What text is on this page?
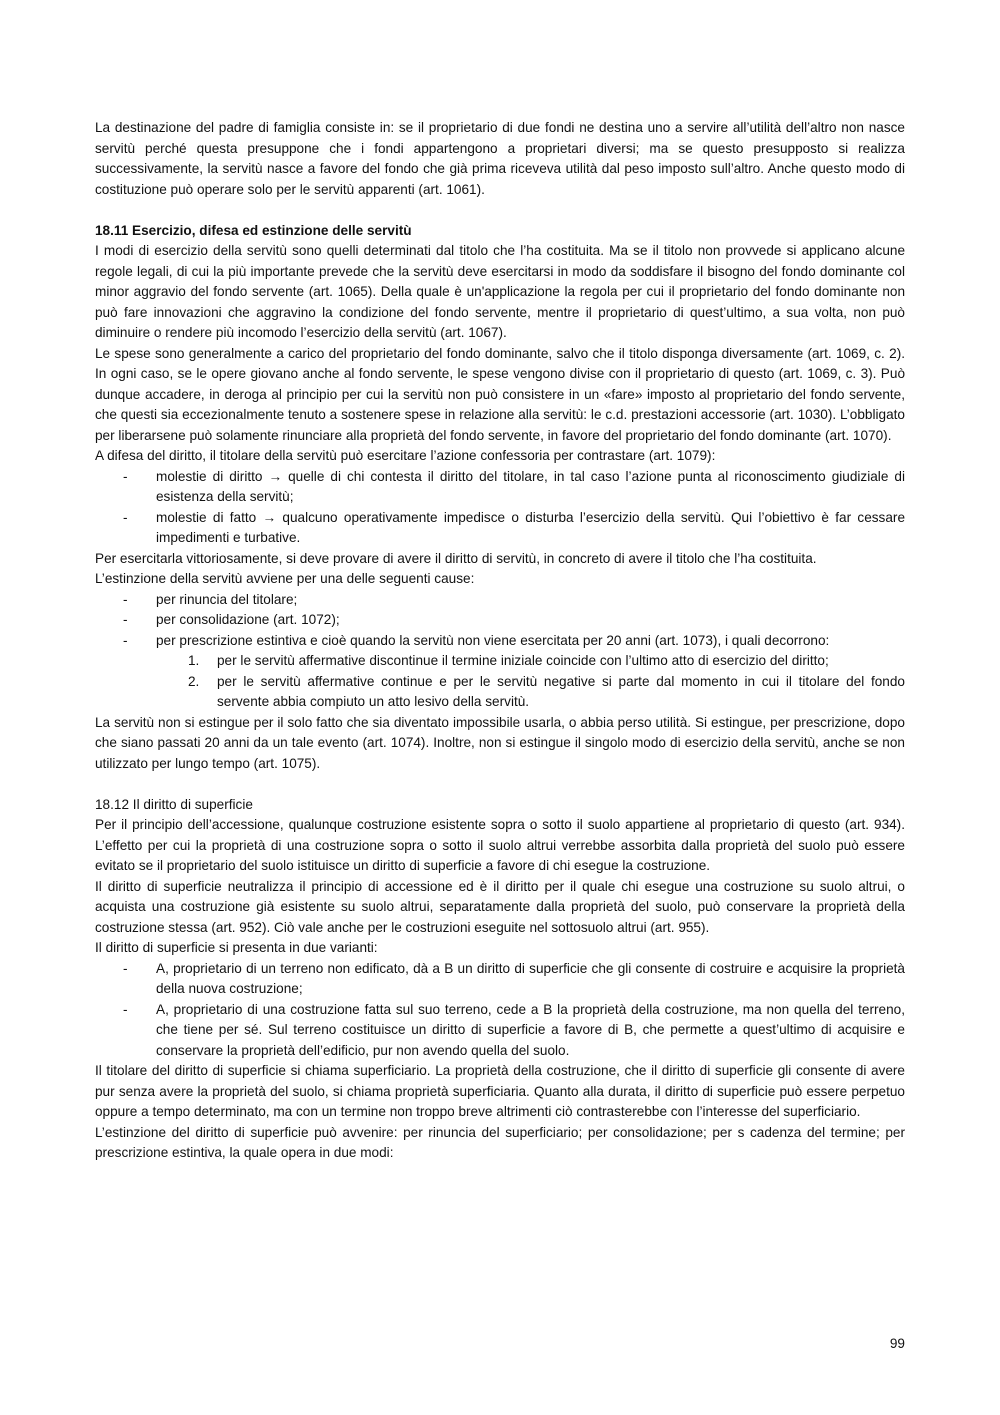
La destinazione del padre di famiglia consiste in: se il proprietario di due fondi ne destina uno a servire all’utilità dell’altro non nasce servitù perché questa presuppone che i fondi appartengono a proprietari diversi; ma se questo presupposto si realizza successivamente, la servitù nasce a favore del fondo che già prima riceveva utilità dal peso imposto sull’altro. Anche questo modo di costituzione può operare solo per le servitù apparenti (art. 1061).

18.11 Esercizio, difesa ed estinzione delle servitù

I modi di esercizio della servitù sono quelli determinati dal titolo che l’ha costituita. Ma se il titolo non provvede si applicano alcune regole legali, di cui la più importante prevede che la servitù deve esercitarsi in modo da soddisfare il bisogno del fondo dominante col minor aggravio del fondo servente (art. 1065). Della quale è un'applicazione la regola per cui il proprietario del fondo dominante non può fare innovazioni che aggravino la condizione del fondo servente, mentre il proprietario di quest’ultimo, a sua volta, non può diminuire o rendere più incomodo l’esercizio della servitù (art. 1067).

Le spese sono generalmente a carico del proprietario del fondo dominante, salvo che il titolo disponga diversamente (art. 1069, c. 2). In ogni caso, se le opere giovano anche al fondo servente, le spese vengono divise con il proprietario di questo (art. 1069, c. 3). Può dunque accadere, in deroga al principio per cui la servitù non può consistere in un «fare» imposto al proprietario del fondo servente, che questi sia eccezionalmente tenuto a sostenere spese in relazione alla servitù: le c.d. prestazioni accessorie (art. 1030). L’obbligato per liberarsene può solamente rinunciare alla proprietà del fondo servente, in favore del proprietario del fondo dominante (art. 1070).

A difesa del diritto, il titolare della servitù può esercitare l’azione confessoria per contrastare (art. 1079):

- molestie di diritto → quelle di chi contesta il diritto del titolare, in tal caso l’azione punta al riconoscimento giudiziale di esistenza della servitù;
- molestie di fatto → qualcuno operativamente impedisce o disturba l’esercizio della servitù. Qui l’obiettivo è far cessare impedimenti e turbative.

Per esercitarla vittoriosamente, si deve provare di avere il diritto di servitù, in concreto di avere il titolo che l’ha costituita.

L’estinzione della servitù avviene per una delle seguenti cause:

- per rinuncia del titolare;
- per consolidazione (art. 1072);
- per prescrizione estintiva e cioè quando la servitù non viene esercitata per 20 anni (art. 1073), i quali decorrono:
1. per le servitù affermative discontinue il termine iniziale coincide con l’ultimo atto di esercizio del diritto;
2. per le servitù affermative continue e per le servitù negative si parte dal momento in cui il titolare del fondo servente abbia compiuto un atto lesivo della servitù.

La servitù non si estingue per il solo fatto che sia diventato impossibile usarla, o abbia perso utilità. Si estingue, per prescrizione, dopo che siano passati 20 anni da un tale evento (art. 1074). Inoltre, non si estingue il singolo modo di esercizio della servitù, anche se non utilizzato per lungo tempo (art. 1075).

18.12 Il diritto di superficie

Per il principio dell’accessione, qualunque costruzione esistente sopra o sotto il suolo appartiene al proprietario di questo (art. 934). L’effetto per cui la proprietà di una costruzione sopra o sotto il suolo altrui verrebbe assorbita dalla proprietà del suolo può essere evitato se il proprietario del suolo istituisce un diritto di superficie a favore di chi esegue la costruzione.

Il diritto di superficie neutralizza il principio di accessione ed è il diritto per il quale chi esegue una costruzione su suolo altrui, o acquista una costruzione già esistente su suolo altrui, separatamente dalla proprietà del suolo, può conservare la proprietà della costruzione stessa (art. 952). Ciò vale anche per le costruzioni eseguite nel sottosuolo altrui (art. 955).

Il diritto di superficie si presenta in due varianti:

- A, proprietario di un terreno non edificato, dà a B un diritto di superficie che gli consente di costruire e acquisire la proprietà della nuova costruzione;
- A, proprietario di una costruzione fatta sul suo terreno, cede a B la proprietà della costruzione, ma non quella del terreno, che tiene per sé. Sul terreno costituisce un diritto di superficie a favore di B, che permette a quest’ultimo di acquisire e conservare la proprietà dell’edificio, pur non avendo quella del suolo.

Il titolare del diritto di superficie si chiama superficiario. La proprietà della costruzione, che il diritto di superficie gli consente di avere pur senza avere la proprietà del suolo, si chiama proprietà superficiaria. Quanto alla durata, il diritto di superficie può essere perpetuo oppure a tempo determinato, ma con un termine non troppo breve altrimenti ciò contrasterebbe con l’interesse del superficiario.

L’estinzione del diritto di superficie può avvenire: per rinuncia del superficiario; per consolidazione; per s cadenza del termine; per prescrizione estintiva, la quale opera in due modi:

99
